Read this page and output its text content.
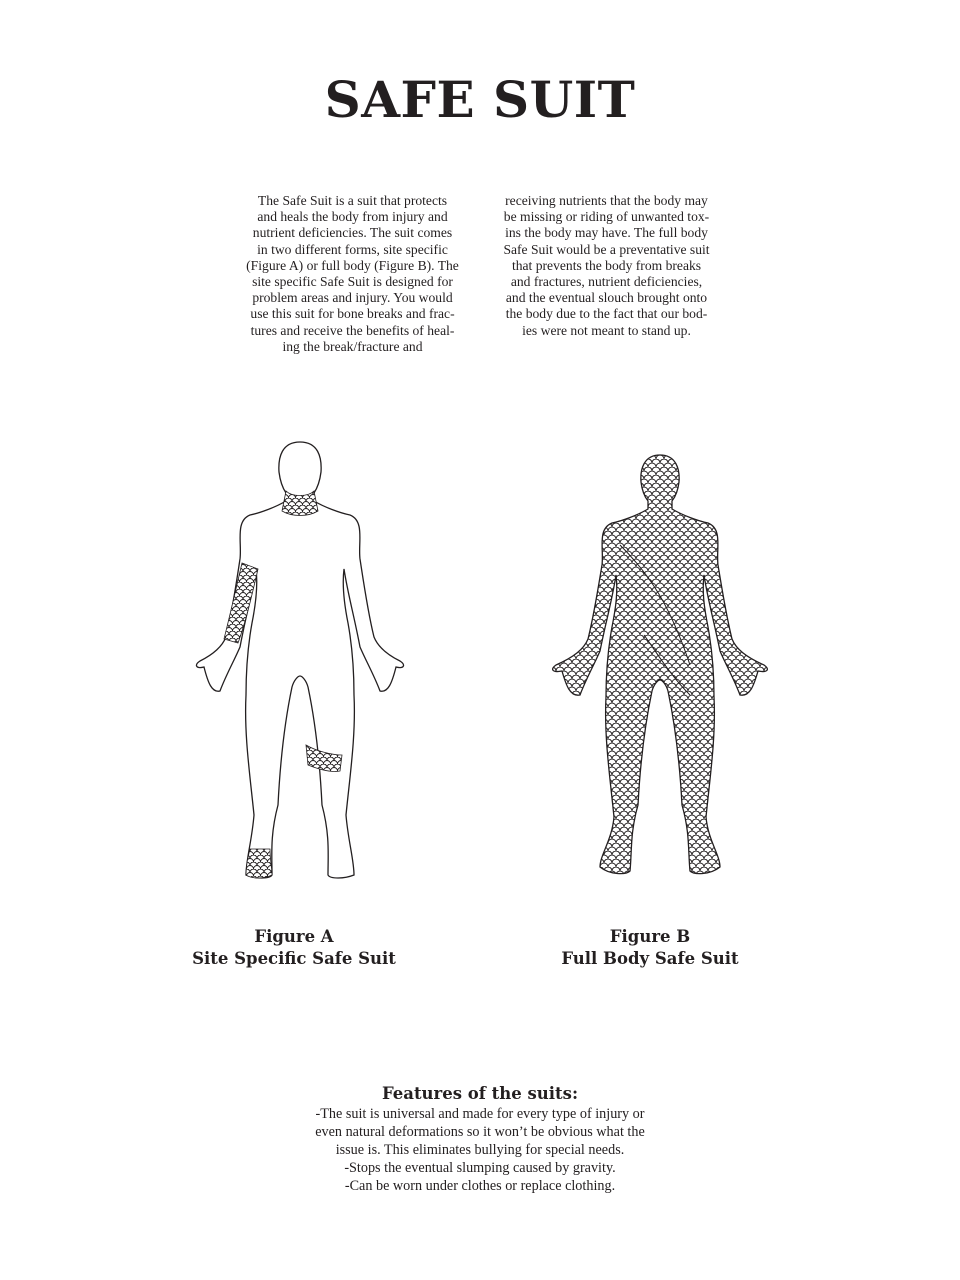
SAFE SUIT
The Safe Suit is a suit that protects
and heals the body from injury and
nutrient deficiencies. The suit comes
in two different forms, site specific
(Figure A) or full body (Figure B). The
site specific Safe Suit is designed for
problem areas and injury. You would
use this suit for bone breaks and frac-
tures and receive the benefits of heal-
ing the break/fracture and
receiving nutrients that the body may
be missing or riding of unwanted tox-
ins the body may have. The full body
Safe Suit would be a preventative suit
that prevents the body from breaks
and fractures, nutrient deficiencies,
and the eventual slouch brought onto
the body due to the fact that our bod-
ies were not meant to stand up.
Figure A
Site Specific Safe Suit
Figure B
Full Body Safe Suit
Features of the suits:
-The suit is universal and made for every type of injury or
even natural deformations so it won’t be obvious what the
issue is. This eliminates bullying for special needs.
-Stops the eventual slumping caused by gravity.
-Can be worn under clothes or replace clothing.
